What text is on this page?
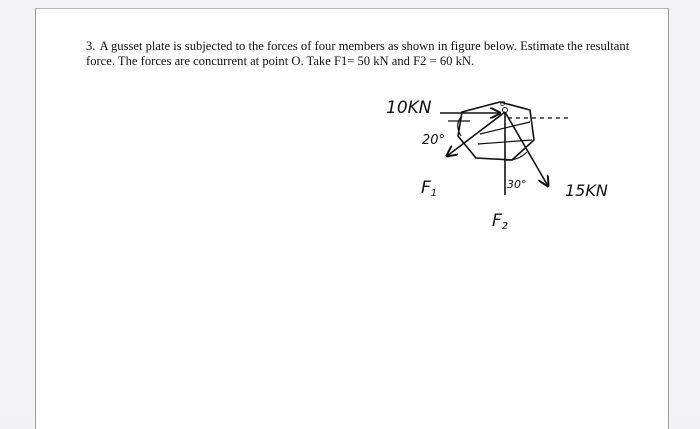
3. A gusset plate is subjected to the forces of four members as shown in figure below. Estimate the resultant force. The forces are concurrent at point O. Take F1= 50 kN and F2 = 60 kN.
o
10KN
20°
F1
30° 15KN
F2
